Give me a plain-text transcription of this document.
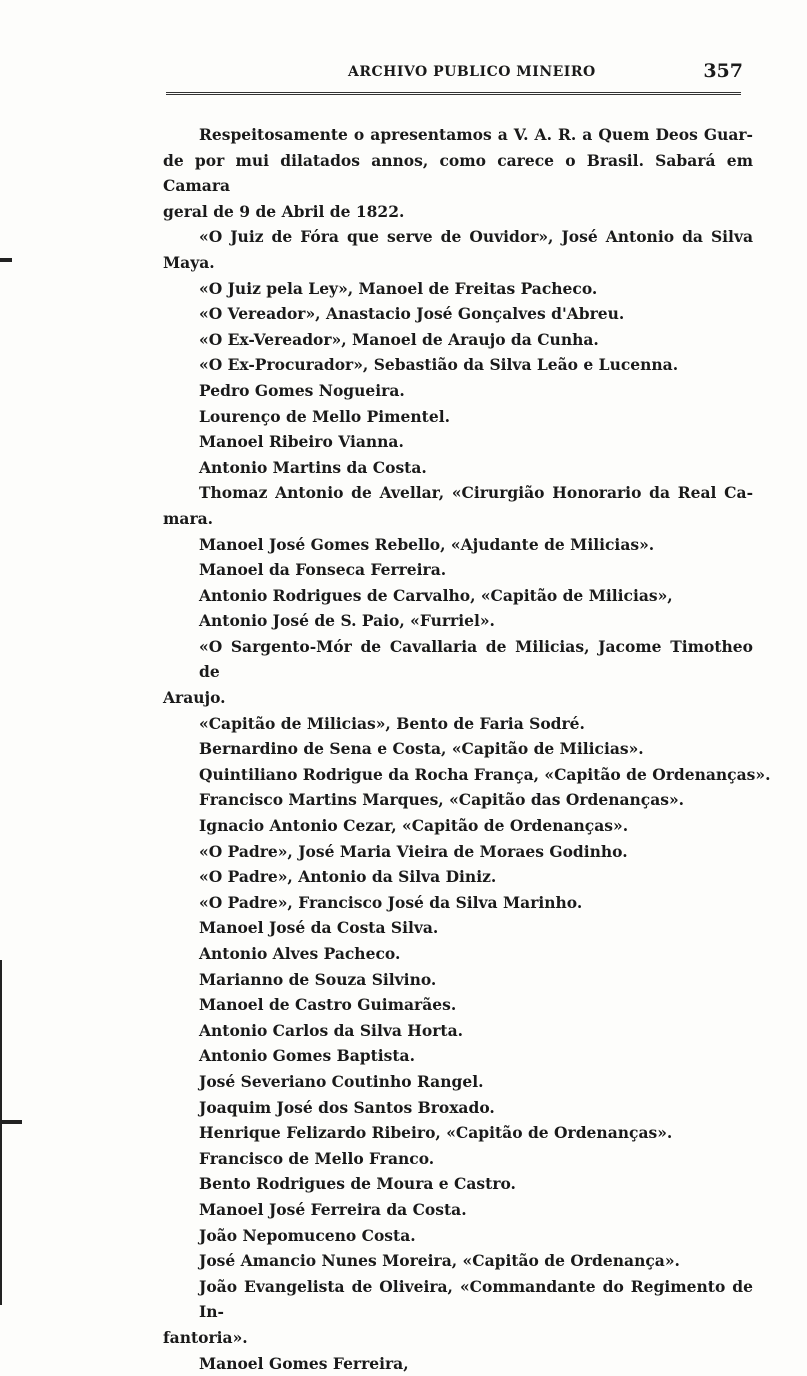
ARCHIVO PUBLICO MINEIRO	357
Respeitosamente o apresentamos a V. A. R. a Quem Deos Guar-
de por mui dilatados annos, como carece o Brasil. Sabará em Camara
geral de 9 de Abril de 1822.
«O Juiz de Fóra que serve de Ouvidor», José Antonio da Silva
Maya.
«O Juiz pela Ley», Manoel de Freitas Pacheco.
«O Vereador», Anastacio José Gonçalves d'Abreu.
«O Ex-Vereador», Manoel de Araujo da Cunha.
«O Ex-Procurador», Sebastião da Silva Leão e Lucenna.
Pedro Gomes Nogueira.
Lourenço de Mello Pimentel.
Manoel Ribeiro Vianna.
Antonio Martins da Costa.
Thomaz Antonio de Avellar, «Cirurgião Honorario da Real Ca-
mara.
Manoel José Gomes Rebello, «Ajudante de Milicias».
Manoel da Fonseca Ferreira.
Antonio Rodrigues de Carvalho, «Capitão de Milicias»,
Antonio José de S. Paio, «Furriel».
«O Sargento-Mór de Cavallaria de Milicias, Jacome Timotheo de
Araujo.
«Capitão de Milicias», Bento de Faria Sodré.
Bernardino de Sena e Costa, «Capitão de Milicias».
Quintiliano Rodrigue da Rocha França, «Capitão de Ordenanças».
Francisco Martins Marques, «Capitão das Ordenanças».
Ignacio Antonio Cezar, «Capitão de Ordenanças».
«O Padre», José Maria Vieira de Moraes Godinho.
«O Padre», Antonio da Silva Diniz.
«O Padre», Francisco José da Silva Marinho.
Manoel José da Costa Silva.
Antonio Alves Pacheco.
Marianno de Souza Silvino.
Manoel de Castro Guimarães.
Antonio Carlos da Silva Horta.
Antonio Gomes Baptista.
José Severiano Coutinho Rangel.
Joaquim José dos Santos Broxado.
Henrique Felizardo Ribeiro, «Capitão de Ordenanças».
Francisco de Mello Franco.
Bento Rodrigues de Moura e Castro.
Manoel José Ferreira da Costa.
João Nepomuceno Costa.
José Amancio Nunes Moreira, «Capitão de Ordenança».
João Evangelista de Oliveira, «Commandante do Regimento de In-
fantoria».
Manoel Gomes Ferreira,
